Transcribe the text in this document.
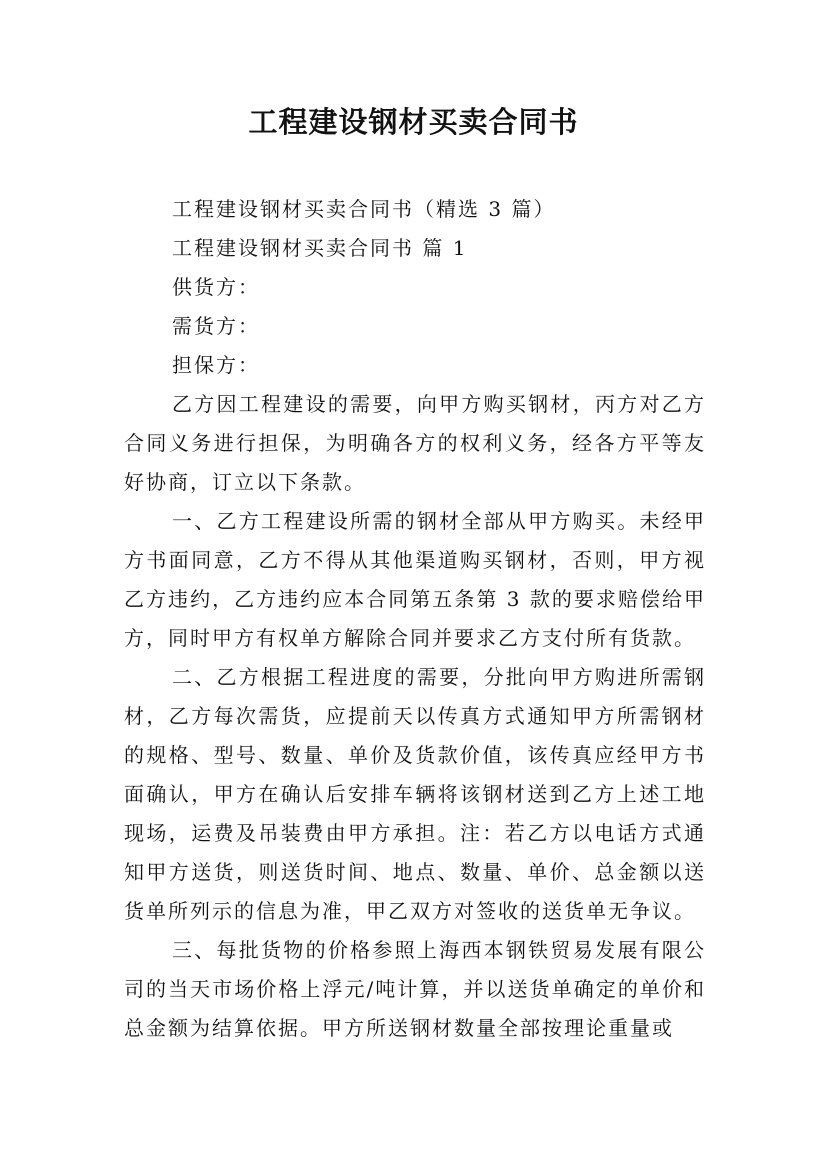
工程建设钢材买卖合同书

工程建设钢材买卖合同书（精选 3 篇）

工程建设钢材买卖合同书 篇 1

供货方：

需货方：

担保方：

乙方因工程建设的需要，向甲方购买钢材，丙方对乙方合同义务进行担保，为明确各方的权利义务，经各方平等友好协商，订立以下条款。

一、乙方工程建设所需的钢材全部从甲方购买。未经甲方书面同意，乙方不得从其他渠道购买钢材，否则，甲方视乙方违约，乙方违约应本合同第五条第 3 款的要求赔偿给甲方，同时甲方有权单方解除合同并要求乙方支付所有货款。

二、乙方根据工程进度的需要，分批向甲方购进所需钢材，乙方每次需货，应提前天以传真方式通知甲方所需钢材的规格、型号、数量、单价及货款价值，该传真应经甲方书面确认，甲方在确认后安排车辆将该钢材送到乙方上述工地现场，运费及吊装费由甲方承担。注：若乙方以电话方式通知甲方送货，则送货时间、地点、数量、单价、总金额以送货单所列示的信息为准，甲乙双方对签收的送货单无争议。

三、每批货物的价格参照上海西本钢铁贸易发展有限公司的当天市场价格上浮元/吨计算，并以送货单确定的单价和总金额为结算依据。甲方所送钢材数量全部按理论重量或
